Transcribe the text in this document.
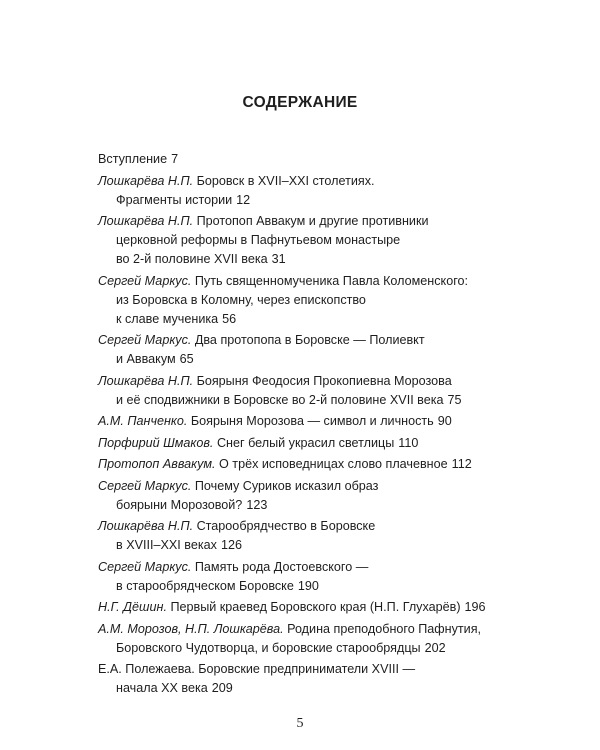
СОДЕРЖАНИЕ
Вступление 7
Лошкарёва Н.П. Боровск в XVII–XXI столетиях.
Фрагменты истории 12
Лошкарёва Н.П. Протопоп Аввакум и другие противники
церковной реформы в Пафнутьевом монастыре
во 2-й половине XVII века 31
Сергей Маркус. Путь священномученика Павла Коломенского:
из Боровска в Коломну, через епископство
к славе мученика 56
Сергей Маркус. Два протопопа в Боровске — Полиевкт
и Аввакум 65
Лошкарёва Н.П. Боярыня Феодосия Прокопиевна Морозова
и её сподвижники в Боровске во 2-й половине XVII века 75
А.М. Панченко. Боярыня Морозова — символ и личность 90
Порфирий Шмаков. Снег белый украсил светлицы 110
Протопоп Аввакум. О трёх исповедницах слово плачевное 112
Сергей Маркус. Почему Суриков исказил образ
боярыни Морозовой? 123
Лошкарёва Н.П. Старообрядчество в Боровске
в XVIII–XXI веках 126
Сергей Маркус. Память рода Достоевского —
в старообрядческом Боровске 190
Н.Г. Дёшин. Первый краевед Боровского края (Н.П. Глухарёв) 196
А.М. Морозов, Н.П. Лошкарёва. Родина преподобного Пафнутия,
Боровского Чудотворца, и боровские старообрядцы 202
Е.А. Полежаева. Боровские предприниматели XVIII —
начала XX века 209
5
